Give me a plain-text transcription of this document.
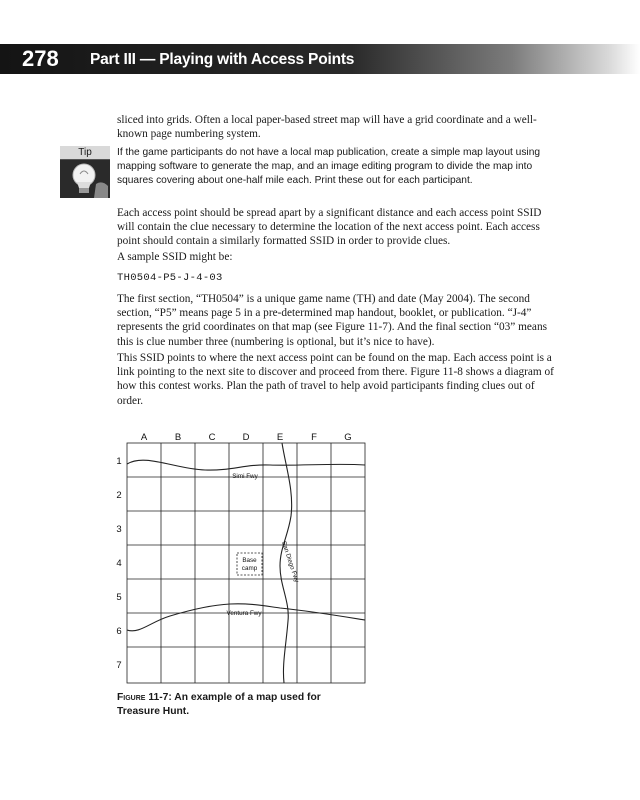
278 Part III — Playing with Access Points

sliced into grids. Often a local paper-based street map will have a grid coordinate and a well-known page numbering system.

Tip	If the game participants do not have a local map publication, create a simple map layout using mapping software to generate the map, and an image editing program to divide the map into squares covering about one-half mile each. Print these out for each participant.

Each access point should be spread apart by a significant distance and each access point SSID will contain the clue necessary to determine the location of the next access point. Each access point should contain a similarly formatted SSID in order to provide clues.

A sample SSID might be:

TH0504-P5-J-4-03

The first section, “TH0504” is a unique game name (TH) and date (May 2004). The second section, “P5” means page 5 in a pre-determined map handout, booklet, or publication. “J-4” represents the grid coordinates on that map (see Figure 11-7). And the final section “03” means this is clue number three (numbering is optional, but it’s nice to have).

This SSID points to where the next access point can be found on the map. Each access point is a link pointing to the next site to discover and proceed from there. Figure 11-8 shows a diagram of how this contest works. Plan the path of travel to help avoid participants finding clues out of order.

A	B	C	D	E	F	G
1
2
3
4
5
6
7
Simi Fwy
Ventura Fwy
San Diego Fwy
Base
camp

Figure 11-7: An example of a map used for Treasure Hunt.
